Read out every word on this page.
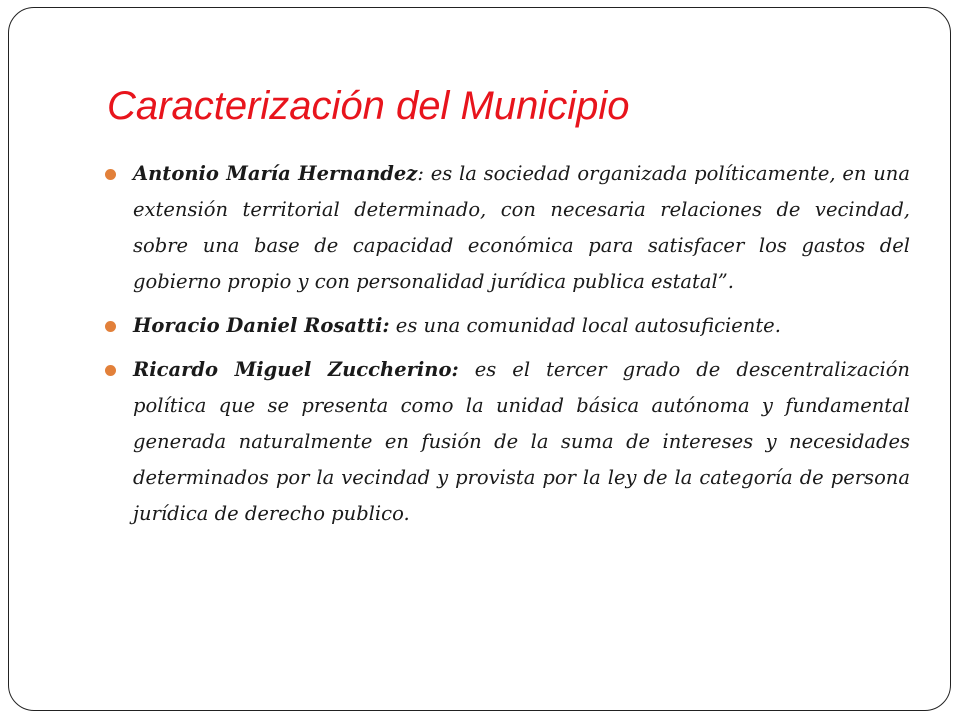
Caracterización del Municipio
Antonio María Hernandez: es la sociedad organizada políticamente, en una extensión territorial determinado, con necesaria relaciones de vecindad, sobre una base de capacidad económica para satisfacer los gastos del gobierno propio y con personalidad jurídica publica estatal”.
Horacio Daniel Rosatti: es una comunidad local autosuficiente.
Ricardo Miguel Zuccherino: es el tercer grado de descentralización política que se presenta como la unidad básica autónoma y fundamental generada naturalmente en fusión de la suma de intereses y necesidades determinados por la vecindad y provista por la ley de la categoría de persona jurídica de derecho publico.
